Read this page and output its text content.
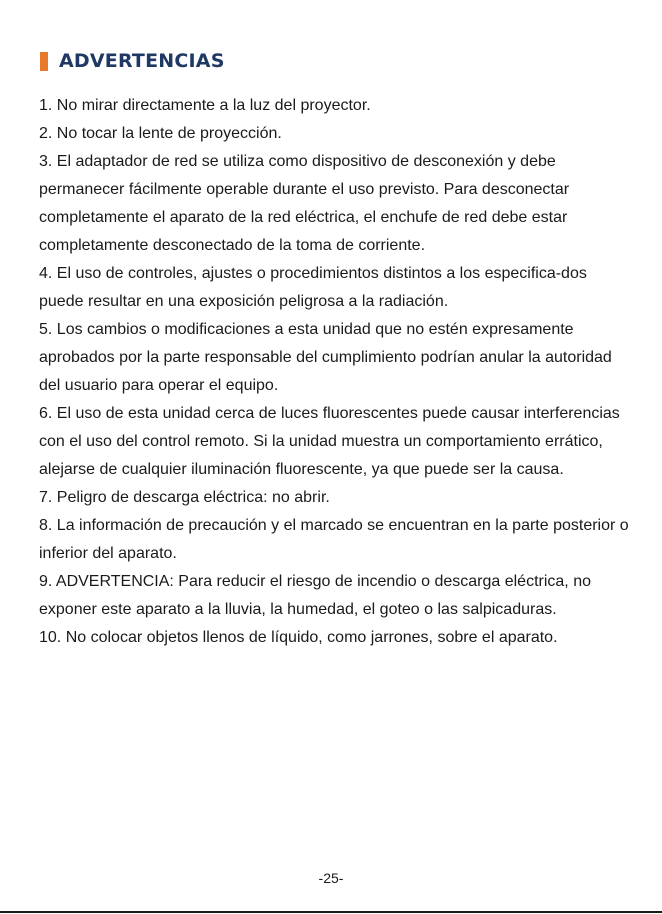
ADVERTENCIAS

1. No mirar directamente a la luz del proyector.

2. No tocar la lente de proyección.

3. El adaptador de red se utiliza como dispositivo de desconexión y debe permanecer fácilmente operable durante el uso previsto. Para desconectar completamente el aparato de la red eléctrica, el enchufe de red debe estar completamente desconectado de la toma de corriente.

4. El uso de controles, ajustes o procedimientos distintos a los especifica-dos puede resultar en una exposición peligrosa a la radiación.

5. Los cambios o modificaciones a esta unidad que no estén expresamente aprobados por la parte responsable del cumplimiento podrían anular la autoridad del usuario para operar el equipo.

6. El uso de esta unidad cerca de luces fluorescentes puede causar interferencias con el uso del control remoto. Si la unidad muestra un comportamiento errático, alejarse de cualquier iluminación fluorescente, ya que puede ser la causa.

7. Peligro de descarga eléctrica: no abrir.

8. La información de precaución y el marcado se encuentran en la parte posterior o inferior del aparato.

9. ADVERTENCIA: Para reducir el riesgo de incendio o descarga eléctrica, no exponer este aparato a la lluvia, la humedad, el goteo o las salpicaduras.

10. No colocar objetos llenos de líquido, como jarrones, sobre el aparato.

-25-
